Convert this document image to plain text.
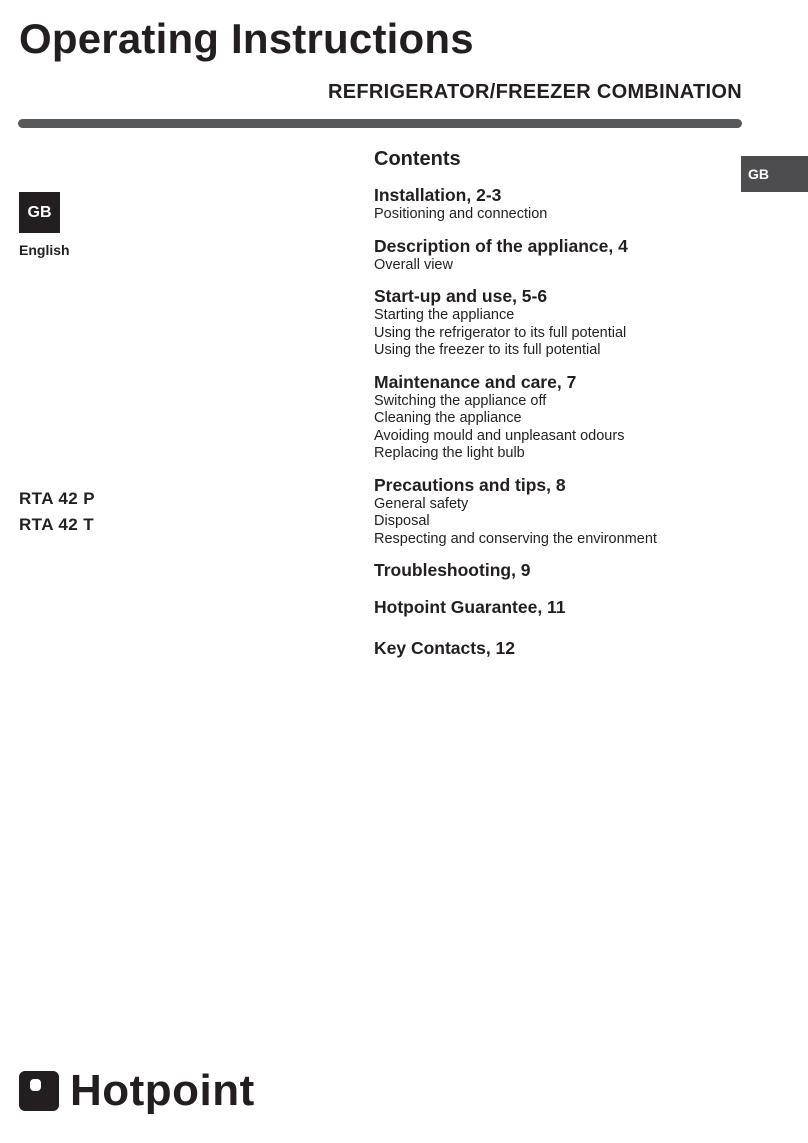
Operating Instructions
REFRIGERATOR/FREEZER COMBINATION
GB
GB
English
RTA 42 P
RTA 42 T
Contents
Installation, 2-3
Positioning and connection
Description of the appliance, 4
Overall view
Start-up and use, 5-6
Starting the appliance
Using the refrigerator to its full potential
Using the freezer to its full potential
Maintenance and care, 7
Switching the appliance off
Cleaning the appliance
Avoiding mould and unpleasant odours
Replacing the light bulb
Precautions and tips, 8
General safety
Disposal
Respecting and conserving the environment
Troubleshooting, 9
Hotpoint Guarantee, 11
Key Contacts, 12
Hotpoint
